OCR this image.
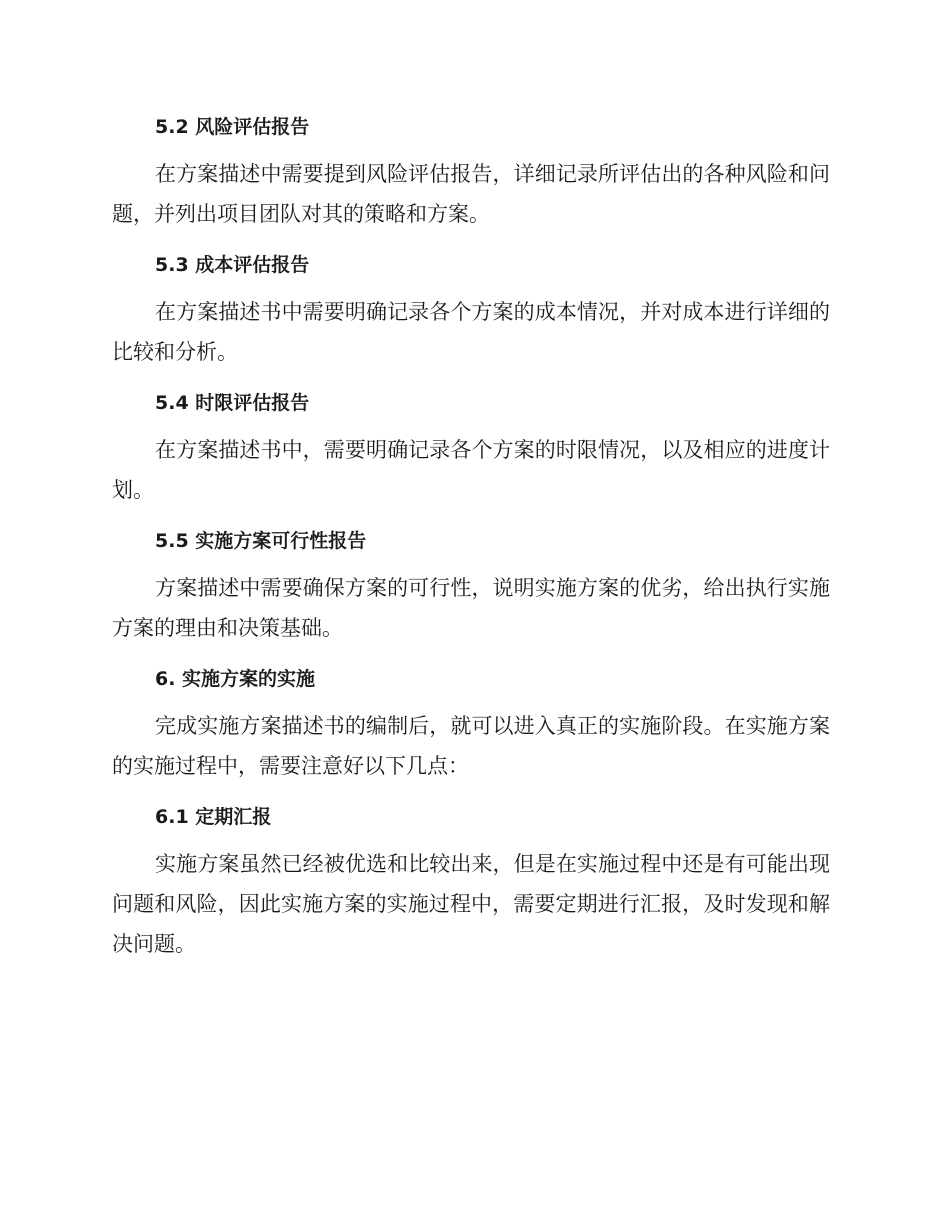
5.2 风险评估报告

在方案描述中需要提到风险评估报告，详细记录所评估出的各种风险和问题，并列出项目团队对其的策略和方案。

5.3 成本评估报告

在方案描述书中需要明确记录各个方案的成本情况，并对成本进行详细的比较和分析。

5.4 时限评估报告

在方案描述书中，需要明确记录各个方案的时限情况，以及相应的进度计划。

5.5 实施方案可行性报告

方案描述中需要确保方案的可行性，说明实施方案的优劣，给出执行实施方案的理由和决策基础。

6. 实施方案的实施

完成实施方案描述书的编制后，就可以进入真正的实施阶段。在实施方案的实施过程中，需要注意好以下几点：

6.1 定期汇报

实施方案虽然已经被优选和比较出来，但是在实施过程中还是有可能出现问题和风险，因此实施方案的实施过程中，需要定期进行汇报，及时发现和解决问题。
